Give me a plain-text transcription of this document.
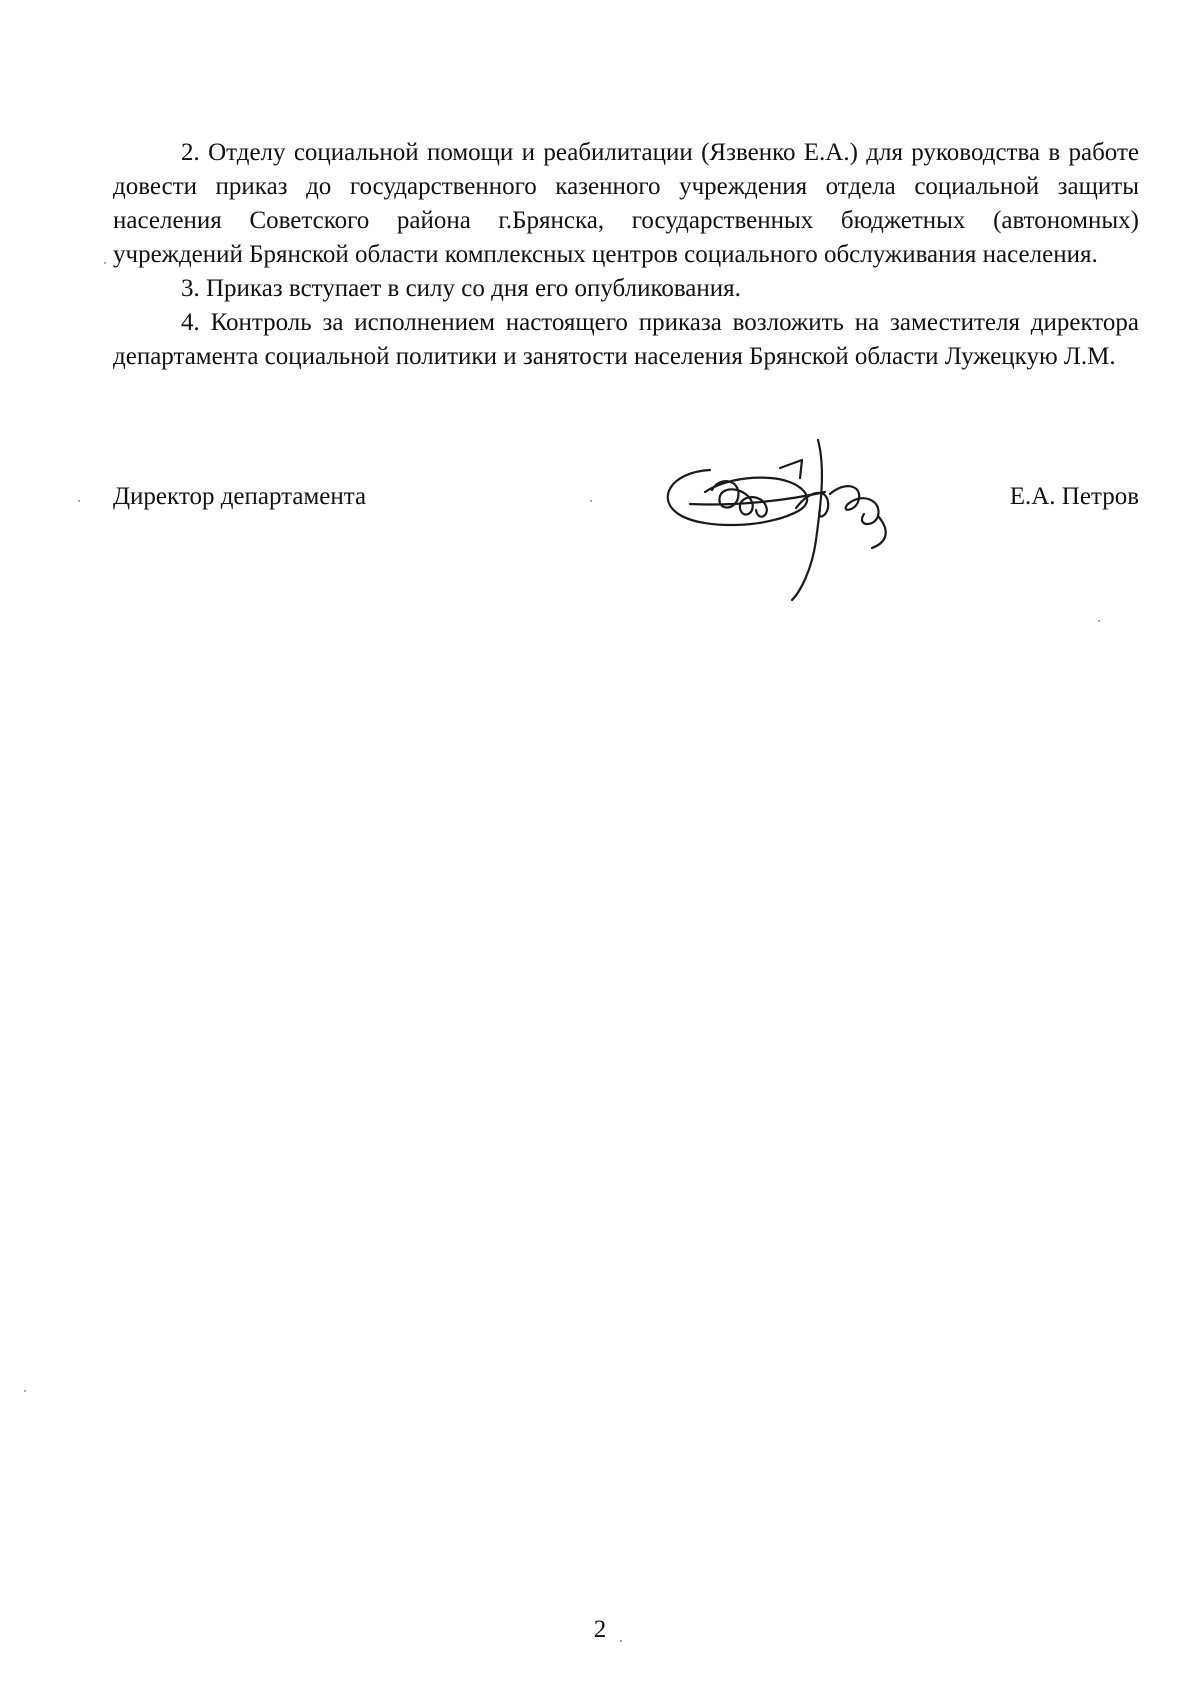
2. Отделу социальной помощи и реабилитации (Язвенко Е.А.) для руководства в работе довести приказ до государственного казенного учреждения отдела социальной защиты населения Советского района г.Брянска, государственных бюджетных (автономных) учреждений Брянской области комплексных центров социального обслуживания населения.

3. Приказ вступает в силу со дня его опубликования.

4. Контроль за исполнением настоящего приказа возложить на заместителя директора департамента социальной политики и занятости населения Брянской области Лужецкую Л.М.

Директор департамента	Е.А. Петров
2
